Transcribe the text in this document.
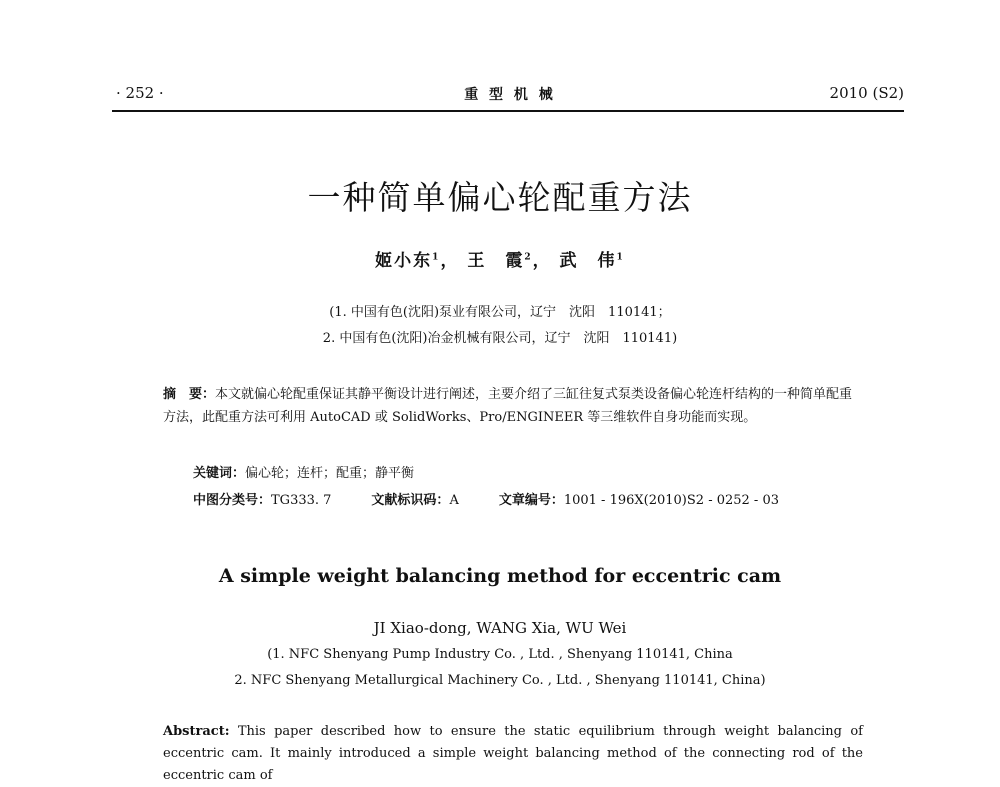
· 252 ·	重 型 机 械	2010 (S2)
一种简单偏心轮配重方法
姬小东$^1$， 王　霞$^2$， 武　伟$^1$
(1. 中国有色(沈阳)泵业有限公司，辽宁　沈阳　110141；
2. 中国有色(沈阳)冶金机械有限公司，辽宁　沈阳　110141)
摘　要：本文就偏心轮配重保证其静平衡设计进行阐述，主要介绍了三缸往复式泵类设备偏心轮连杆结构的一种简单配重方法，此配重方法可利用 AutoCAD 或 SolidWorks、Pro/ENGINEER 等三维软件自身功能而实现。
关键词：偏心轮；连杆；配重；静平衡
中图分类号：TG333. 7	文献标识码：A	文章编号：1001 - 196X(2010)S2 - 0252 - 03
A simple weight balancing method for eccentric cam
JI Xiao-dong, WANG Xia, WU Wei
(1. NFC Shenyang Pump Industry Co. , Ltd. , Shenyang 110141, China
2. NFC Shenyang Metallurgical Machinery Co. , Ltd. , Shenyang 110141, China)
Abstract: This paper described how to ensure the static equilibrium through weight balancing of eccentric cam. It mainly introduced a simple weight balancing method of the connecting rod of the eccentric cam of
